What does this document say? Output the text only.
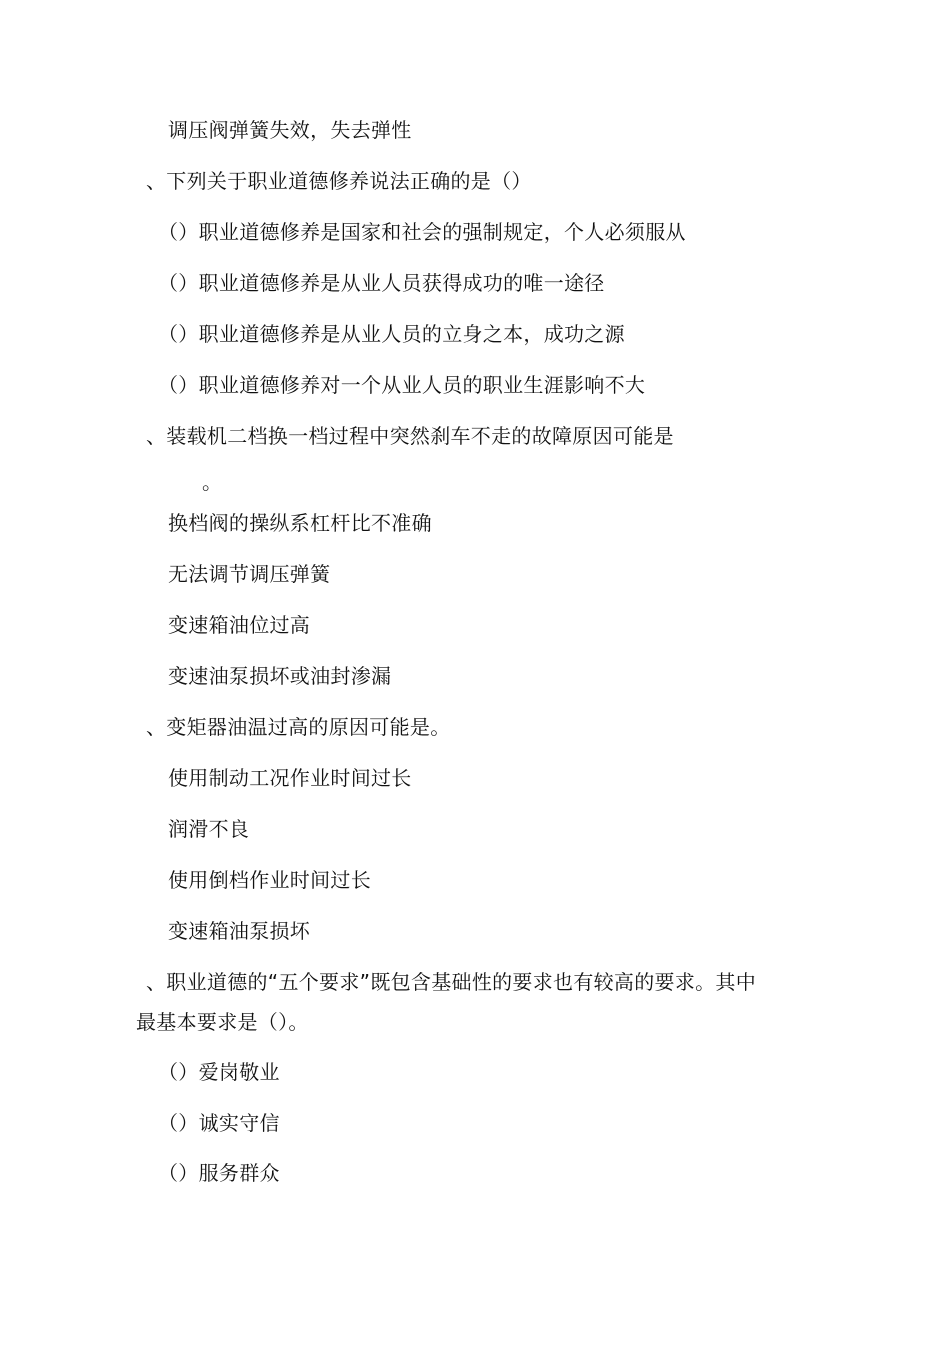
调压阀弹簧失效，失去弹性
、下列关于职业道德修养说法正确的是（）
（）职业道德修养是国家和社会的强制规定，个人必须服从
（）职业道德修养是从业人员获得成功的唯一途径
（）职业道德修养是从业人员的立身之本，成功之源
（）职业道德修养对一个从业人员的职业生涯影响不大
、装载机二档换一档过程中突然刹车不走的故障原因可能是
。
换档阀的操纵系杠杆比不准确
无法调节调压弹簧
变速箱油位过高
变速油泵损坏或油封渗漏
、变矩器油温过高的原因可能是。
使用制动工况作业时间过长
润滑不良
使用倒档作业时间过长
变速箱油泵损坏
、职业道德的“五个要求”既包含基础性的要求也有较高的要求。其中
最基本要求是（）。
（）爱岗敬业
（）诚实守信
（）服务群众
